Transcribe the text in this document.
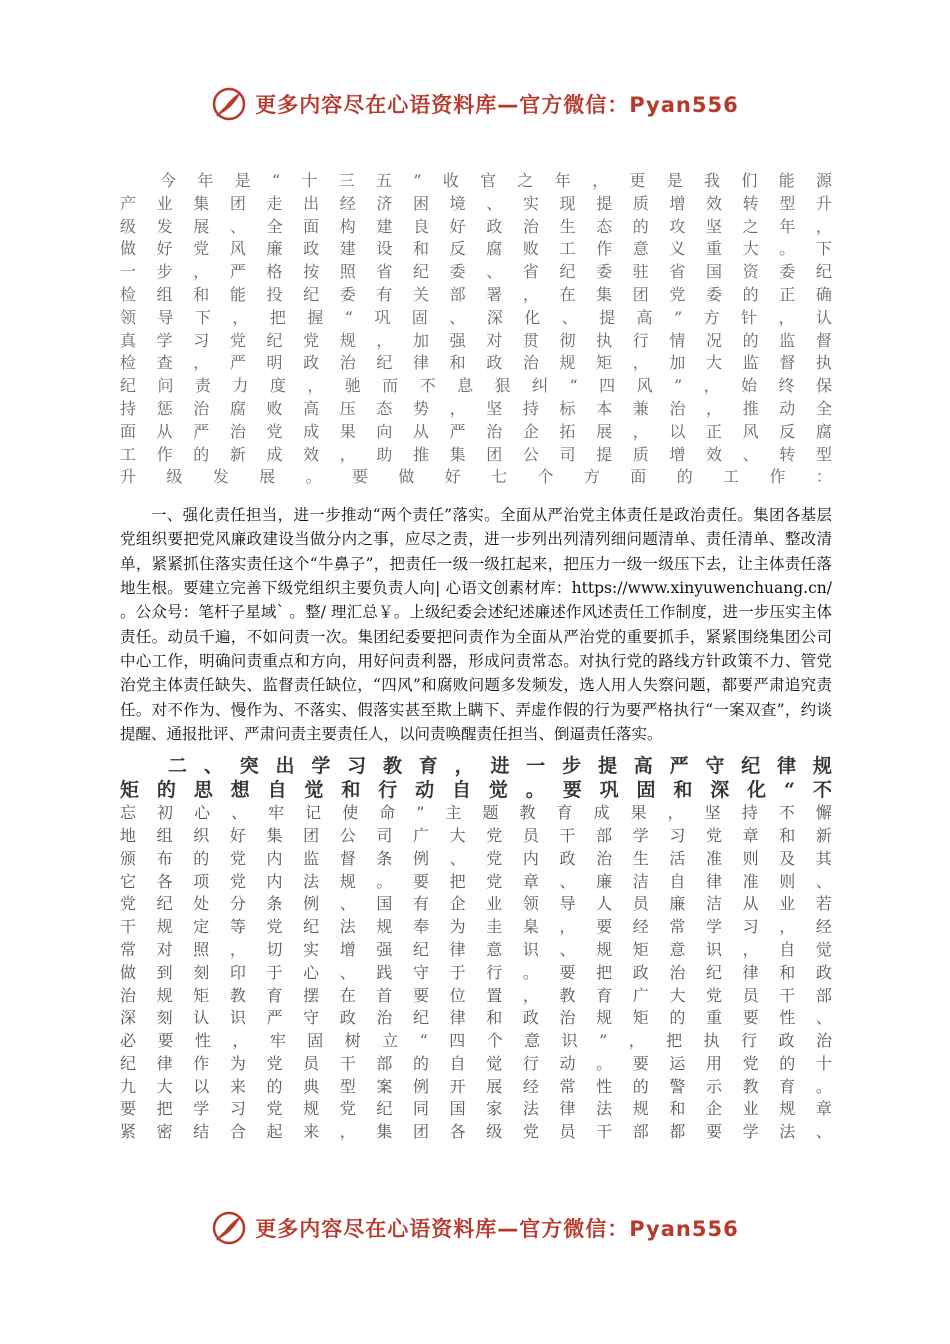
更多内容尽在心语资料库—官方微信：Pyan556
今 年 是 “ 十 三 五 ” 收 官 之 年 ， 更 是 我 们 能 源
产 业 集 团 走 出 经 济 困 境 、 实 现 提 质 增 效 转 型 升
级 发 展 、 全 面 构 建 良 好 政 治 生 态 的 攻 坚 之 年 ，
做 好 党 风 廉 政 建 设 和 反 腐 败 工 作 意 义 重 大 。 下
一 步 ， 严 格 按 照 省 纪 委 、 省 纪 委 驻 省 国 资 委 纪
检 组 和 能 投 纪 委 有 关 部 署 ， 在 集 团 党 委 的 正 确
领 导 下 ， 把 握 “ 巩 固 、 深 化 、 提 高 ” 方 针 ， 认
真 学 习 党 纪 党 规 ， 加 强 对 贯 彻 执 行 情 况 的 监 督
检 查 ， 严 明 政 治 纪 律 和 政 治 规 矩 ， 加 大 监 督 执
纪 问 责 力 度 ， 驰 而 不 息 狠 纠 “ 四 风 ” ， 始 终 保
持 惩 治 腐 败 高 压 态 势 ， 坚 持 标 本 兼 治 ， 推 动 全
面 从 严 治 党 成 果 向 从 严 治 企 拓 展 ， 以 正 风 反 腐
工 作 的 新 成 效 ， 助 推 集 团 公 司 提 质 增 效 、 转 型
升 级 发 展 。 要 做 好 七 个 方 面 的 工 作 ：
一、强化责任担当，进一步推动“两个责任”落实。全面从严治党主体责任是政治责任。集团各基层党组织要把党风廉政建设当做分内之事，应尽之责，进一步列出列清列细问题清单、责任清单、整改清单，紧紧抓住落实责任这个“牛鼻子”，把责任一级一级扛起来，把压力一级一级压下去，让主体责任落地生根。要建立完善下级党组织主要负责人向| 心语文创素材库：https://www.xinyuwenchuang.cn/ 。公众号：笔杆子星域` 。整/ 理汇总￥。上级纪委会述纪述廉述作风述责任工作制度，进一步压实主体责任。动员千遍，不如问责一次。集团纪委要把问责作为全面从严治党的重要抓手，紧紧围绕集团公司中心工作，明确问责重点和方向，用好问责利器，形成问责常态。对执行党的路线方针政策不力、管党治党主体责任缺失、监督责任缺位，“四风”和腐败问题多发频发，选人用人失察问题，都要严肃追究责任。对不作为、慢作为、不落实、假落实甚至欺上瞒下、弄虚作假的行为要严格执行“一案双查”，约谈提醒、通报批评、严肃问责主要责任人，以问责唤醒责任担当、倒逼责任落实。
二 、 突 出 学 习 教 育 ， 进 一 步 提 高 严 守 纪 律 规
矩 的 思 想 自 觉 和 行 动 自 觉 。 要 巩 固 和 深 化 “ 不
忘 初 心 、 牢 记 使 命 ” 主 题 教 育 成 果 ， 坚 持 不 懈
地 组 织 好 集 团 公 司 广 大 党 员 干 部 学 习 党 章 和 新
颁 布 的 党 内 监 督 条 例 、 党 内 政 治 生 活 准 则 及 其
它 各 项 党 内 法 规 。 要 把 党 章 、 廉 洁 自 律 准 则 、
党 纪 处 分 条 例 、 国 有 企 业 领 导 人 员 廉 洁 从 业 若
干 规 定 等 党 纪 法 规 奉 为 圭 臬 ， 要 经 常 学 习 ， 经
常 对 照 ， 切 实 增 强 纪 律 意 识 、 规 矩 意 识 ， 自 觉
做 到 刻 印 于 心 、 践 守 于 行 。 要 把 政 治 纪 律 和 政
治 规 矩 教 育 摆 在 首 要 位 置 ， 教 育 广 大 党 员 干 部
深 刻 认 识 严 守 政 治 纪 律 和 政 治 规 矩 的 重 要 性 、
必 要 性 ， 牢 固 树 立 “ 四 个 意 识 ” ， 把 执 行 政 治
纪 律 作 为 党 员 干 部 的 自 觉 行 动 。 要 运 用 党 的 十
九 大 以 来 的 典 型 案 例 开 展 经 常 性 的 警 示 教 育 。
要 把 学 习 党 规 党 纪 同 国 家 法 律 法 规 和 企 业 规 章
紧 密 结 合 起 来 ， 集 团 各 级 党 员 干 部 都 要 学 法 、
更多内容尽在心语资料库—官方微信：Pyan556
